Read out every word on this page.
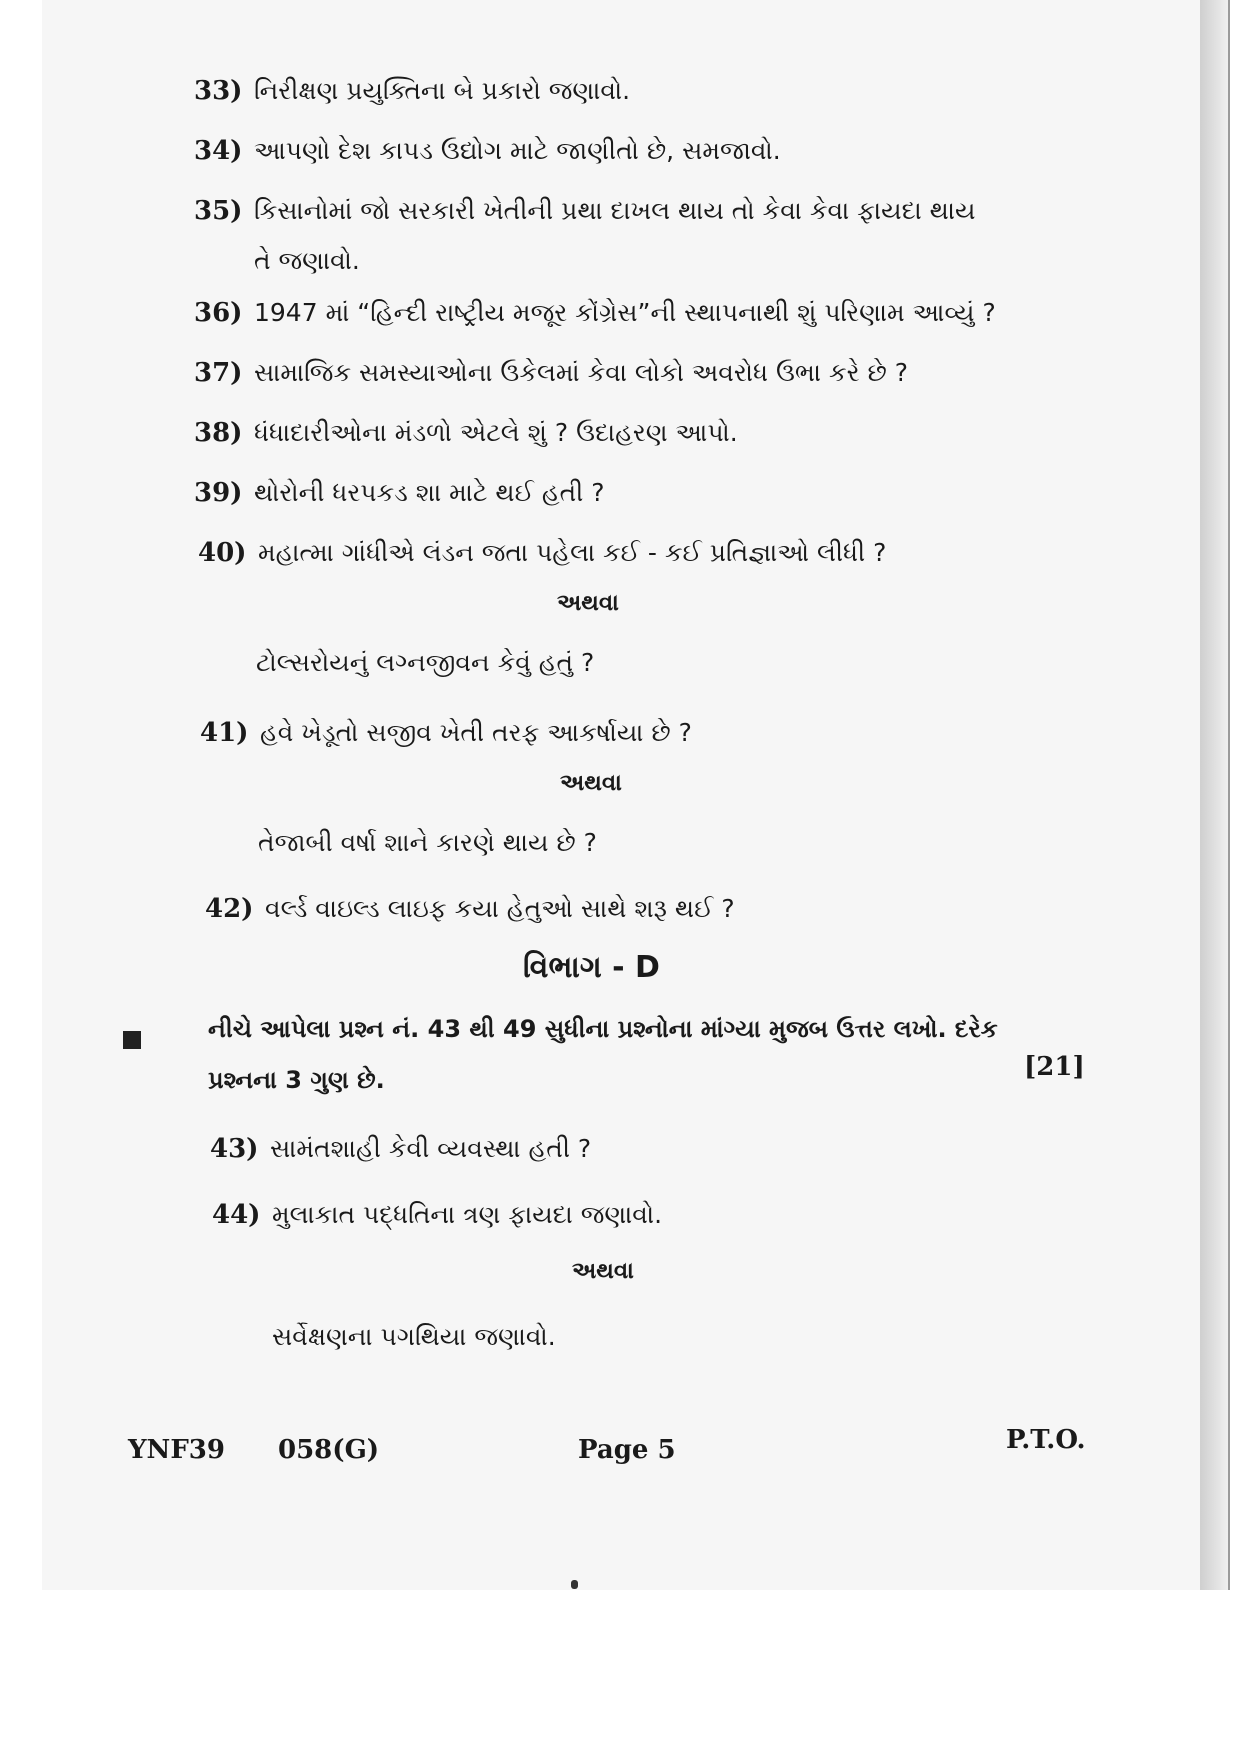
33) નિરીક્ષણ પ્રયુક્તિના બે પ્રકારો જણાવો.
34) આપણો દેશ કાપડ ઉદ્યોગ માટે જાણીતો છે, સમજાવો.
35) કિસાનોમાં જો સરકારી ખેતીની પ્રથા દાખલ થાય તો કેવા કેવા ફાયદા થાય
તે જણાવો.
36) 1947 માં “હિન્દી રાષ્ટ્રીય મજૂર કોંગ્રેસ”ની સ્થાપનાથી શું પરિણામ આવ્યું ?
37) સામાજિક સમસ્યાઓના ઉકેલમાં કેવા લોકો અવરોધ ઉભા કરે છે ?
38) ધંધાદારીઓના મંડળો એટલે શું ? ઉદાહરણ આપો.
39) થોરોની ધરપકડ શા માટે થઈ હતી ?
40) મહાત્મા ગાંધીએ લંડન જતા પહેલા કઈ - કઈ પ્રતિજ્ઞાઓ લીધી ?
અથવા
ટોલ્સરોયનું લગ્નજીવન કેવું હતું ?
41) હવે ખેડૂતો સજીવ ખેતી તરફ આકર્ષાયા છે ?
અથવા
તેજાબી વર્ષા શાને કારણે થાય છે ?
42) વર્લ્ડ વાઇલ્ડ લાઇફ કયા હેતુઓ સાથે શરૂ થઈ ?
વિભાગ - D
નીચે આપેલા પ્રશ્ન નં. 43 થી 49 સુધીના પ્રશ્નોના માંગ્યા મુજબ ઉત્તર લખો. દરેક
પ્રશ્નના 3 ગુણ છે.	[21]
43) સામંતશાહી કેવી વ્યવસ્થા હતી ?
44) મુલાકાત પદ્ધતિના ત્રણ ફાયદા જણાવો.
અથવા
સર્વેક્ષણના પગથિયા જણાવો.
YNF39 058(G)	Page 5	P.T.O.
